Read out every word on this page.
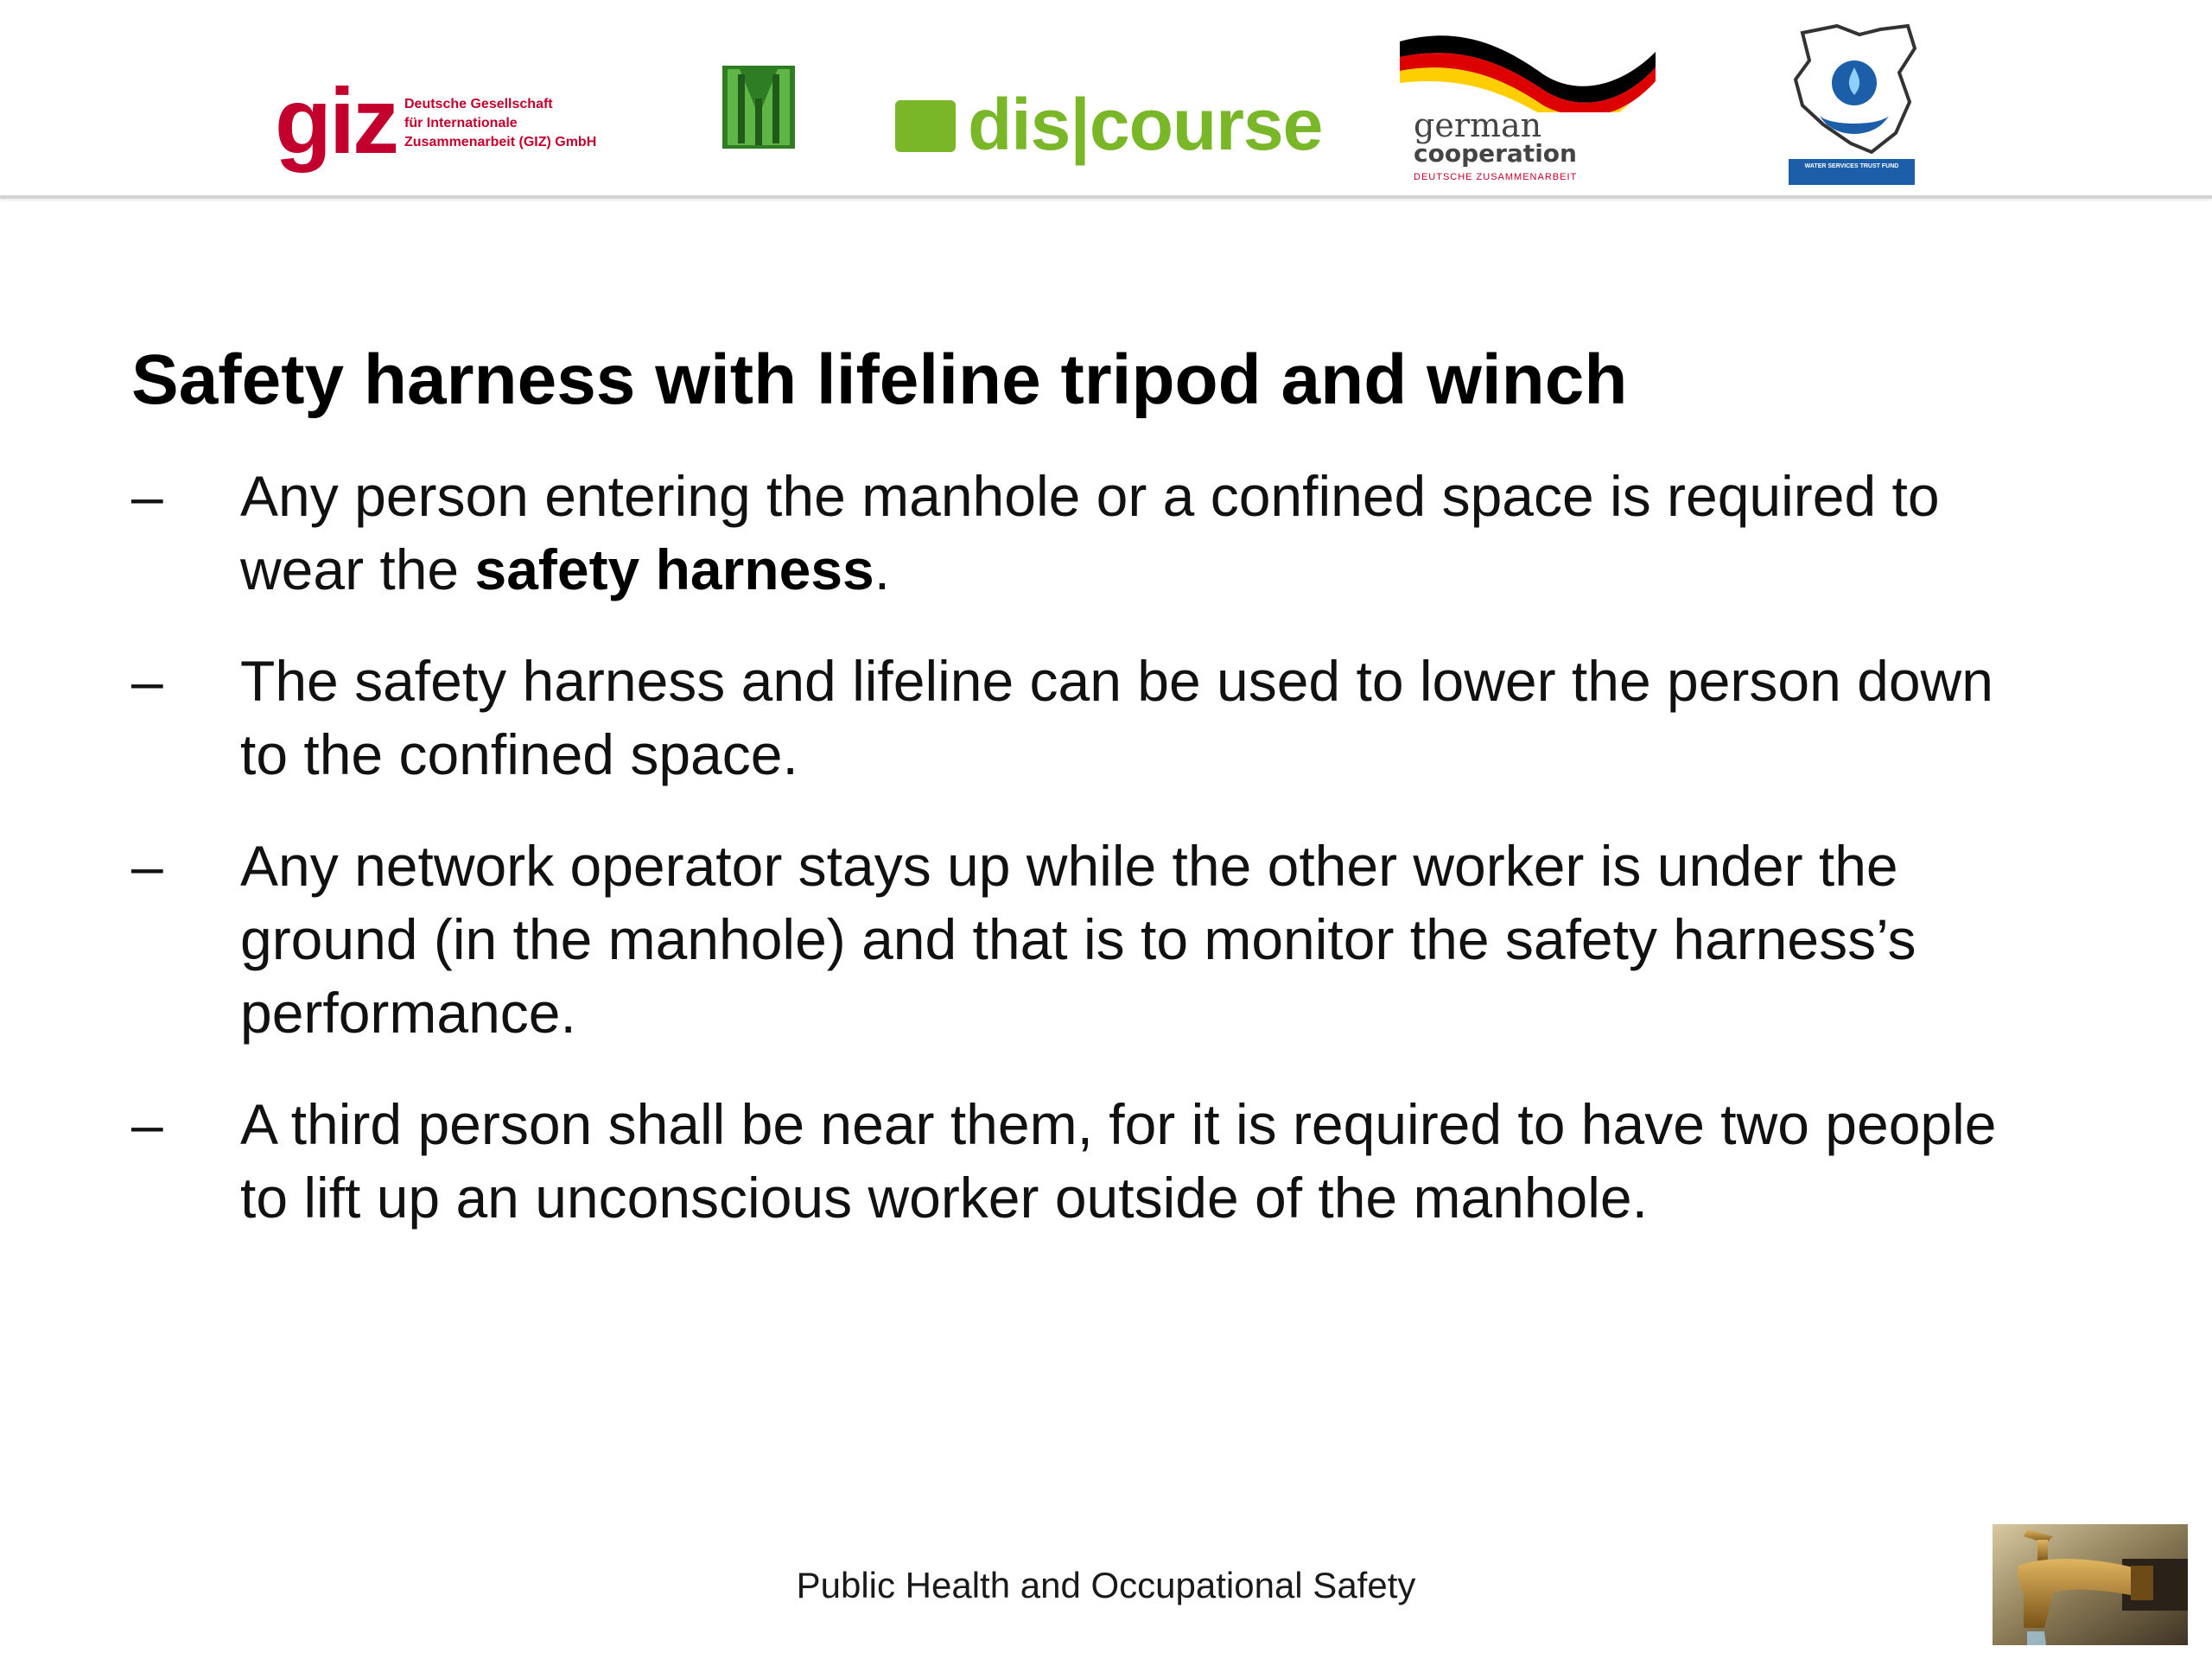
giz Deutsche Gesellschaft
für Internationale
Zusammenarbeit (GIZ) GmbH	dis|course	german
cooperation
DEUTSCHE ZUSAMMENARBEIT
WATER SERVICES TRUST FUND
Safety harness with lifeline tripod and winch
– Any person entering the manhole or a confined space is required to

wear the safety harness.

– The safety harness and lifeline can be used to lower the person down

to the confined space.

– Any network operator stays up while the other worker is under the

ground (in the manhole) and that is to monitor the safety harness’s

performance.

– A third person shall be near them, for it is required to have two people

to lift up an unconscious worker outside of the manhole.

Public Health and Occupational Safety
